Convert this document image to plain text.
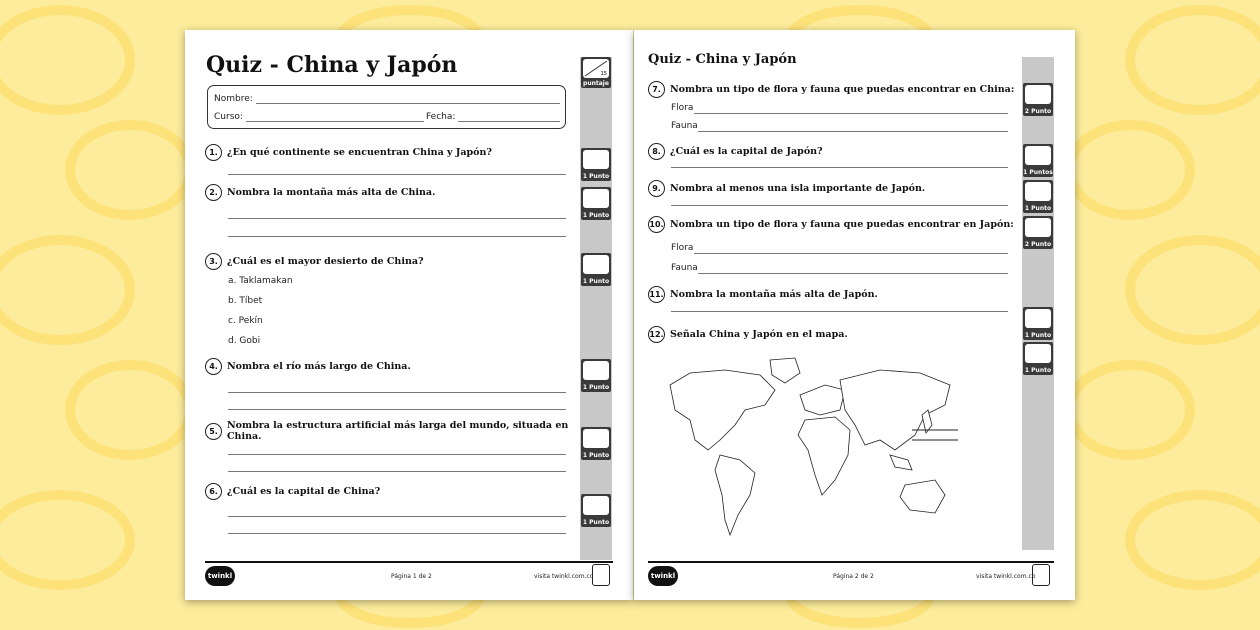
Quiz - China y Japón
Nombre:
Curso:	Fecha:
15
puntaje
1. ¿En qué continente se encuentran China y Japón?
1 Punto
2. Nombra la montaña más alta de China.
1 Punto
3. ¿Cuál es el mayor desierto de China?
a. Taklamakan
b. Tíbet
c. Pekín
d. Gobi
1 Punto
4. Nombra el río más largo de China.
1 Punto
5. Nombra la estructura artificial más larga del mundo, situada en China.
1 Punto
6. ¿Cuál es la capital de China?
1 Punto
twinkl	Página 1 de 2	visita twinkl.com.co
Quiz - China y Japón
7. Nombra un tipo de flora y fauna que puedas encontrar en China:
Flora
Fauna
2 Punto
8. ¿Cuál es la capital de Japón?
1 Puntos
9. Nombra al menos una isla importante de Japón.
1 Punto
10. Nombra un tipo de flora y fauna que puedas encontrar en Japón:
Flora
Fauna
2 Punto
11. Nombra la montaña más alta de Japón.
1 Punto
12. Señala China y Japón en el mapa.
1 Punto
twinkl	Página 2 de 2	visita twinkl.com.co
